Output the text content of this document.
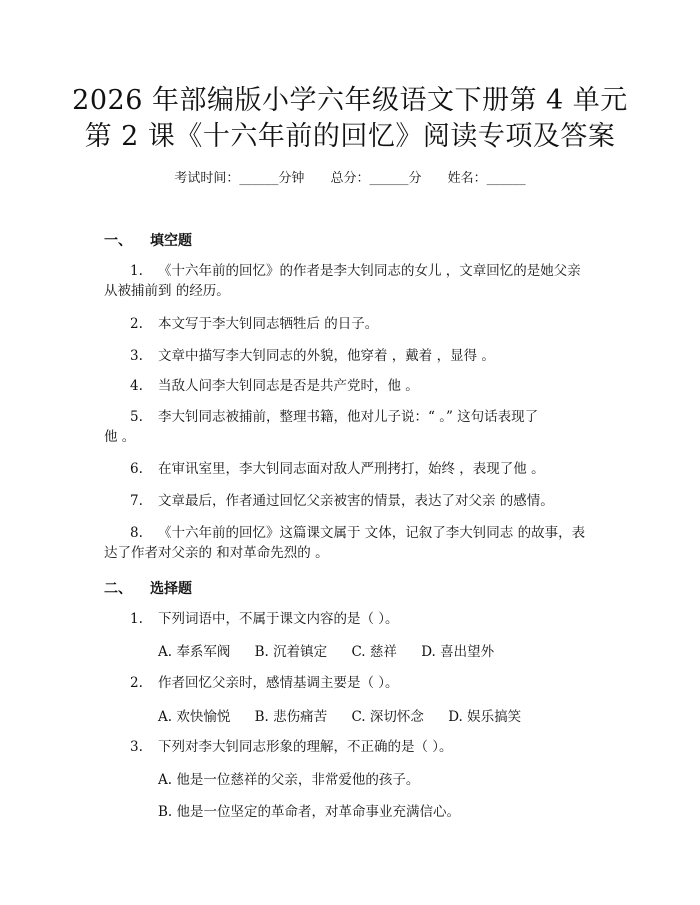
2026 年部编版小学六年级语文下册第 4 单元
第 2 课《十六年前的回忆》阅读专项及答案
考试时间：______分钟 总分：______分 姓名：______
一、 填空题
1. 《十六年前的回忆》的作者是李大钊同志的女儿 ，文章回忆的是她父亲
从被捕前到 的经历。
2. 本文写于李大钊同志牺牲后 的日子。
3. 文章中描写李大钊同志的外貌，他穿着 ，戴着 ，显得 。
4. 当敌人问李大钊同志是否是共产党时，他 。
5. 李大钊同志被捕前，整理书籍，他对儿子说：“ 。” 这句话表现了
他 。
6. 在审讯室里，李大钊同志面对敌人严刑拷打，始终 ，表现了他 。
7. 文章最后，作者通过回忆父亲被害的情景，表达了对父亲 的感情。
8. 《十六年前的回忆》这篇课文属于 文体，记叙了李大钊同志 的故事，表
达了作者对父亲的 和对革命先烈的 。
二、 选择题
1. 下列词语中，不属于课文内容的是（ ）。
A. 奉系军阀 B. 沉着镇定 C. 慈祥 D. 喜出望外
2. 作者回忆父亲时，感情基调主要是（ ）。
A. 欢快愉悦 B. 悲伤痛苦 C. 深切怀念 D. 娱乐搞笑
3. 下列对李大钊同志形象的理解，不正确的是（ ）。
A. 他是一位慈祥的父亲，非常爱他的孩子。
B. 他是一位坚定的革命者，对革命事业充满信心。
